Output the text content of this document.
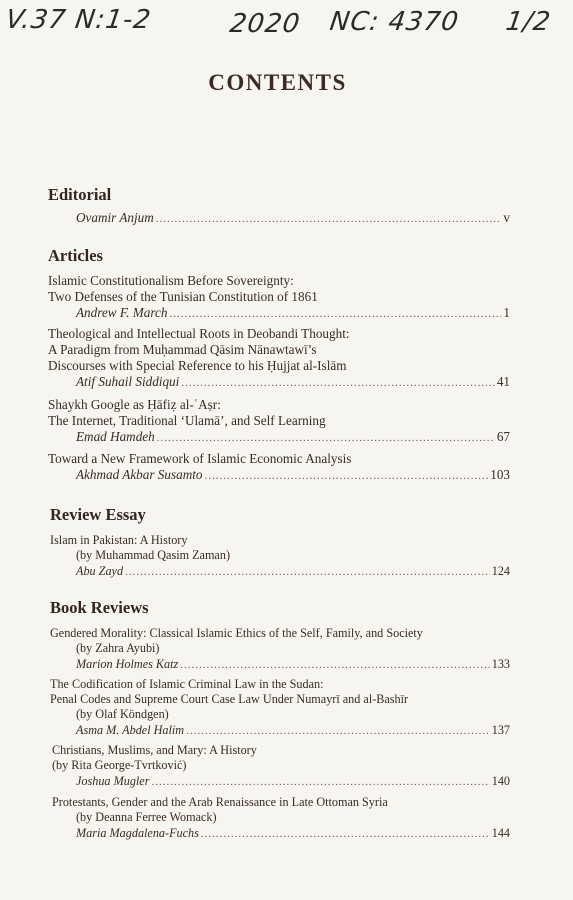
V.37 N:1-2	2020 NC: 4370 1/2
CONTENTS
Editorial
Ovamir Anjum .....	v
Articles
Islamic Constitutionalism Before Sovereignty:
Two Defenses of the Tunisian Constitution of 1861
Andrew F. March .....	1
Theological and Intellectual Roots in Deobandi Thought:
A Paradigm from Muḥammad Qāsim Nānawtawī’s
Discourses with Special Reference to his Ḥujjat al-Islām
Atif Suhail Siddiqui .....	41
Shaykh Google as Ḥāfiẓ al-ʿAṣr:
The Internet, Traditional ‘Ulamā’, and Self Learning
Emad Hamdeh .....	67
Toward a New Framework of Islamic Economic Analysis
Akhmad Akbar Susamto .....	103
Review Essay
Islam in Pakistan: A History
(by Muhammad Qasim Zaman)
Abu Zayd .....	124
Book Reviews
Gendered Morality: Classical Islamic Ethics of the Self, Family, and Society
(by Zahra Ayubi)
Marion Holmes Katz .....	133
The Codification of Islamic Criminal Law in the Sudan:
Penal Codes and Supreme Court Case Law Under Numayrī and al-Bashīr
(by Olaf Köndgen)
Asma M. Abdel Halim .....	137
Christians, Muslims, and Mary: A History
(by Rita George-Tvrtković)
Joshua Mugler .....	140
Protestants, Gender and the Arab Renaissance in Late Ottoman Syria
(by Deanna Ferree Womack)
Maria Magdalena-Fuchs .....	144
